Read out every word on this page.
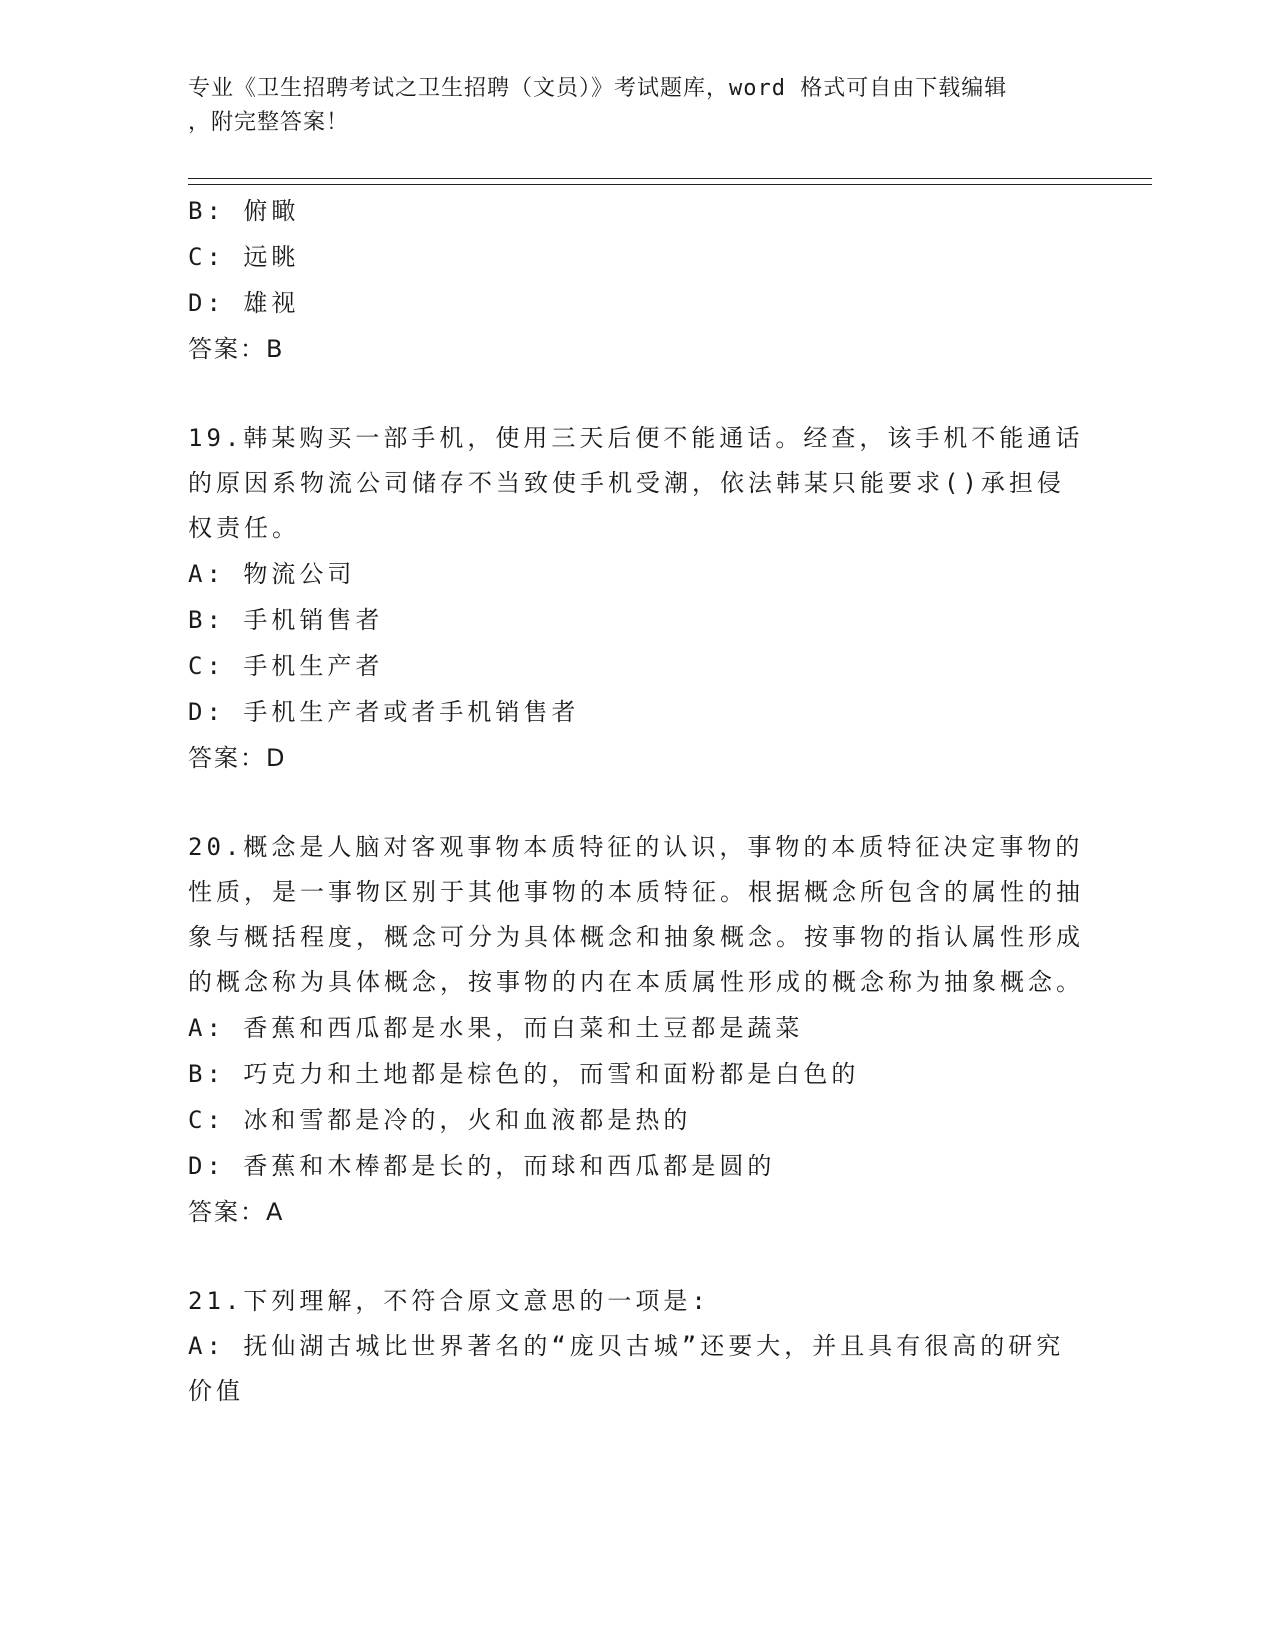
专业《卫生招聘考试之卫生招聘（文员）》考试题库，word 格式可自由下载编辑
，附完整答案！
B: 俯瞰
C: 远眺
D: 雄视
答案：B
19.韩某购买一部手机，使用三天后便不能通话。经查，该手机不能通话的原因系物流公司储存不当致使手机受潮，依法韩某只能要求()承担侵权责任。
A: 物流公司
B: 手机销售者
C: 手机生产者
D: 手机生产者或者手机销售者
答案：D
20.概念是人脑对客观事物本质特征的认识，事物的本质特征决定事物的性质，是一事物区别于其他事物的本质特征。根据概念所包含的属性的抽象与概括程度，概念可分为具体概念和抽象概念。按事物的指认属性形成的概念称为具体概念，按事物的内在本质属性形成的概念称为抽象概念。
A: 香蕉和西瓜都是水果，而白菜和土豆都是蔬菜
B: 巧克力和土地都是棕色的，而雪和面粉都是白色的
C: 冰和雪都是冷的，火和血液都是热的
D: 香蕉和木棒都是长的，而球和西瓜都是圆的
答案：A
21.下列理解，不符合原文意思的一项是:
A: 抚仙湖古城比世界著名的“庞贝古城”还要大，并且具有很高的研究价值
